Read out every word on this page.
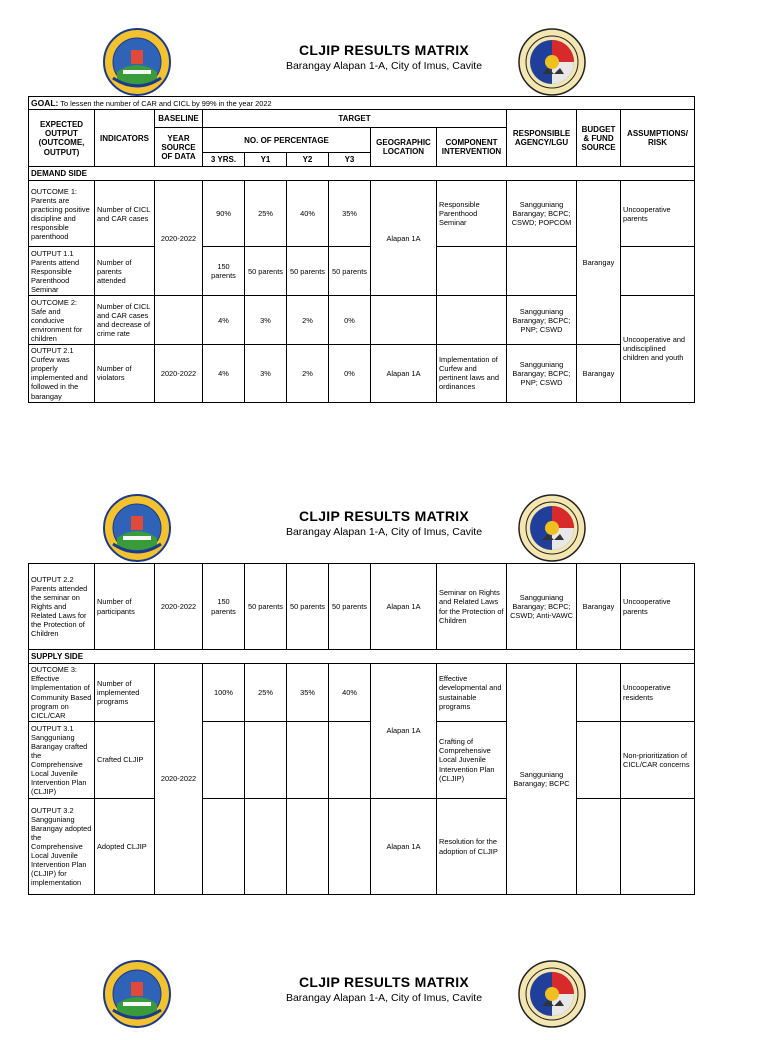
CLJIP RESULTS MATRIX
Barangay Alapan 1-A, City of Imus, Cavite
GOAL: To lessen the number of CAR and CICL by 99% in the year 2022											
EXPECTED OUTPUT (OUTCOME, OUTPUT)	INDICATORS	BASELINE	TARGET						RESPONSIBLE AGENCY/LGU	BUDGET & FUND SOURCE	ASSUMPTIONS/ RISK
		YEAR SOURCE OF DATA	NO. OF PERCENTAGE				GEOGRAPHIC LOCATION	COMPONENT INTERVENTION			
			3 YRS.	Y1	Y2	Y3					
DEMAND SIDE											
OUTCOME 1: Parents are practicing positive discipline and responsible parenthood	Number of CICL and CAR cases	2020-2022	90%	25%	40%	35%	Alapan 1A	Responsible Parenthood Seminar	Sangguniang Barangay; BCPC; CSWD; POPCOM	Barangay	Uncooperative parents
OUTPUT 1.1 Parents attend Responsible Parenthood Seminar	Number of parents attended		150 parents	50 parents	50 parents	50 parents					
OUTCOME 2: Safe and conducive environment for children	Number of CICL and CAR cases and decrease of crime rate		4%	3%	2%	0%			Sangguniang Barangay; BCPC; PNP; CSWD		Uncooperative and undisciplined children and youth
OUTPUT 2.1 Curfew was properly implemented and followed in the barangay	Number of violators	2020-2022	4%	3%	2%	0%	Alapan 1A	Implementation of Curfew and pertinent laws and ordinances	Sangguniang Barangay; BCPC; PNP; CSWD	Barangay	
CLJIP RESULTS MATRIX
Barangay Alapan 1-A, City of Imus, Cavite
OUTPUT 2.2 Parents attended the seminar on Rights and Related Laws for the Protection of Children	Number of participants	2020-2022	150 parents	50 parents	50 parents	50 parents	Alapan 1A	Seminar on Rights and Related Laws for the Protection of Children	Sangguniang Barangay; BCPC; CSWD; Anti-VAWC	Barangay	Uncooperative parents
SUPPLY SIDE											
OUTCOME 3: Effective Implementation of Community Based program on CICL/CAR	Number of implemented programs	2020-2022	100%	25%	35%	40%	Alapan 1A	Effective developmental and sustainable programs	Sangguniang Barangay; BCPC		Uncooperative residents
OUTPUT 3.1 Sangguniang Barangay crafted the Comprehensive Local Juvenile Intervention Plan (CLJIP)	Crafted CLJIP							Crafting of Comprehensive Local Juvenile Intervention Plan (CLJIP)			Non-prioritization of CICL/CAR concerns
OUTPUT 3.2 Sangguniang Barangay adopted the Comprehensive Local Juvenile Intervention Plan (CLJIP) for implementation	Adopted CLJIP						Alapan 1A	Resolution for the adoption of CLJIP			
CLJIP RESULTS MATRIX
Barangay Alapan 1-A, City of Imus, Cavite
